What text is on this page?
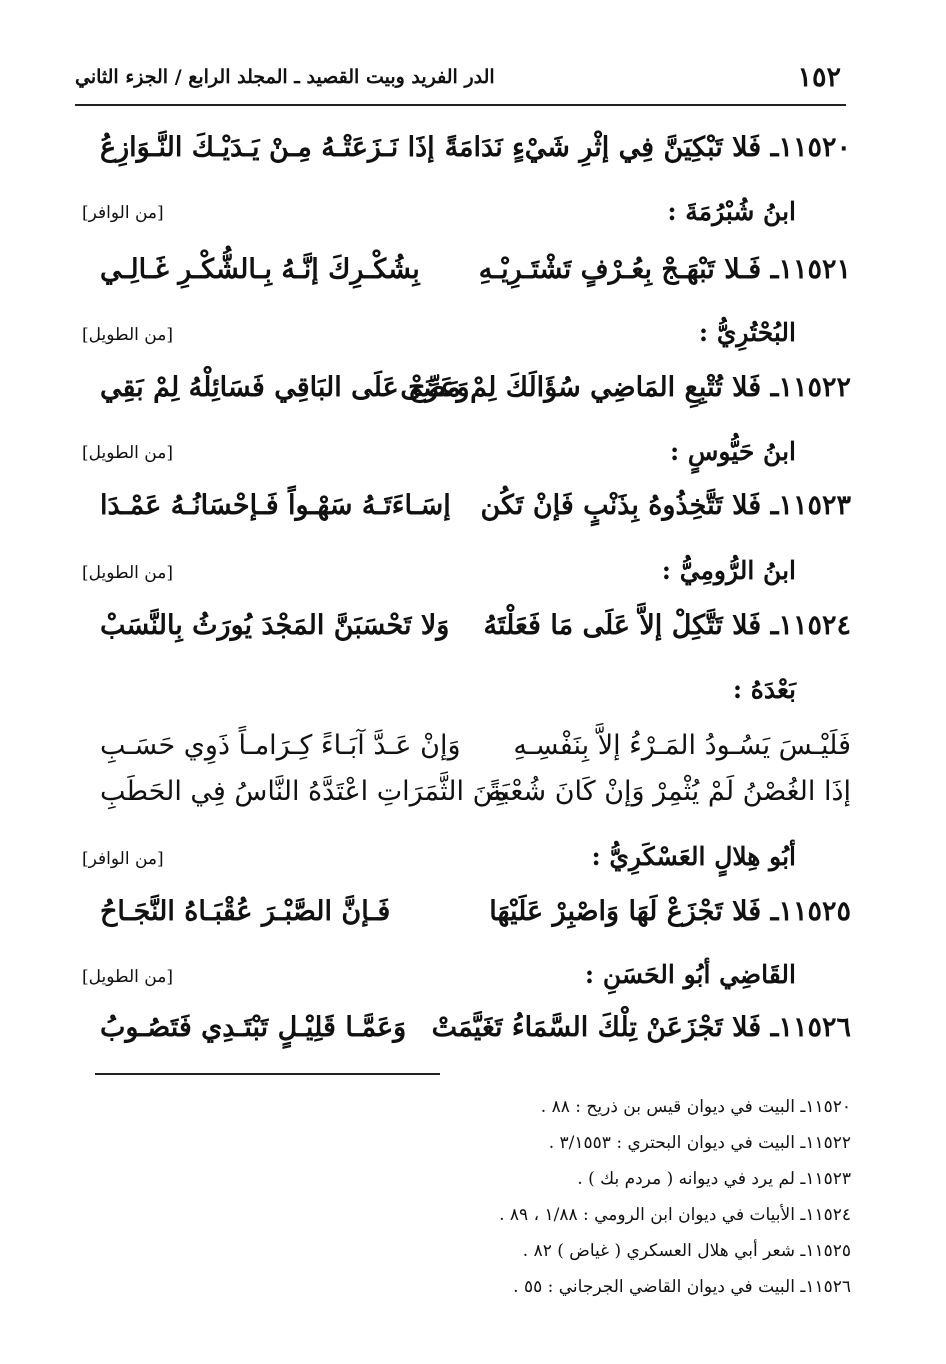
١٥٢
الدر الفريد وبيت القصيد ـ المجلد الرابع / الجزء الثاني
١١٥٢٠ـ فَلا تَبْكِيَنَّ فِي إثْرِ شَيْءٍ نَدَامَةً
إذَا نَـزَعَتْـهُ مِـنْ يَـدَيْـكَ النَّـوَازِعُ
ابنُ شُبْرُمَةَ :
[من الوافر]
١١٥٢١ـ فَـلا تَبْهَـجْ بِعُـرْفٍ تَشْتَـرِيْـهِ
بِشُكْـرِكَ إنَّـهُ بِـالشُّكْـرِ غَـالِـي
البُحْتُرِيُّ :
[من الطويل]
١١٥٢٢ـ فَلا تُتْبِعِ المَاضِي سُؤَالَكَ لِمْ مَضَى
وَعَرِّجْ عَلَى البَاقِي فَسَائِلْهُ لِمْ بَقِي
ابنُ حَيُّوسٍ :
[من الطويل]
١١٥٢٣ـ فَلا تَتَّخِذُوهُ بِذَنْبٍ فَإنْ تَكُن
إسَـاءَتَـهُ سَهْـواً فَـإحْسَانُـهُ عَمْـدَا
ابنُ الرُّومِيُّ :
[من الطويل]
١١٥٢٤ـ فَلا تَتَّكِلْ إلاَّ عَلَى مَا فَعَلْتَهُ
وَلا تَحْسَبَنَّ المَجْدَ يُورَثُ بِالنَّسَبْ
بَعْدَهُ :
فَلَيْـسَ يَسُـودُ المَـرْءُ إلاَّ بِنَفْسِـهِ
وَإنْ عَـدَّ آبَـاءً كِـرَامـاً ذَوِي حَسَـبِ
إذَا الغُصْنُ لَمْ يُثْمِرْ وَإنْ كَانَ شُعْبَةً
مِنَ الثَّمَرَاتِ اعْتَدَّهُ النَّاسُ فِي الحَطَبِ
أبُو هِلالٍ العَسْكَرِيُّ :
[من الوافر]
١١٥٢٥ـ فَلا تَجْزَعْ لَهَا وَاصْبِرْ عَلَيْهَا
فَـإنَّ الصَّبْـرَ عُقْبَـاهُ النَّجَـاحُ
القَاضِي أبُو الحَسَنِ :
[من الطويل]
١١٥٢٦ـ فَلا تَجْزَعَنْ تِلْكَ السَّمَاءُ تَغَيَّمَتْ
وَعَمَّـا قَلِيْـلٍ تَبْتَـدِي فَتَصُـوبُ
١١٥٢٠ـ البيت في ديوان قيس بن ذريح : ٨٨ .
١١٥٢٢ـ البيت في ديوان البحتري : ٣/١٥٥٣ .
١١٥٢٣ـ لم يرد في ديوانه ( مردم بك ) .
١١٥٢٤ـ الأبيات في ديوان ابن الرومي : ١/٨٨ ، ٨٩ .
١١٥٢٥ـ شعر أبي هلال العسكري ( غياض ) ٨٢ .
١١٥٢٦ـ البيت في ديوان القاضي الجرجاني : ٥٥ .
